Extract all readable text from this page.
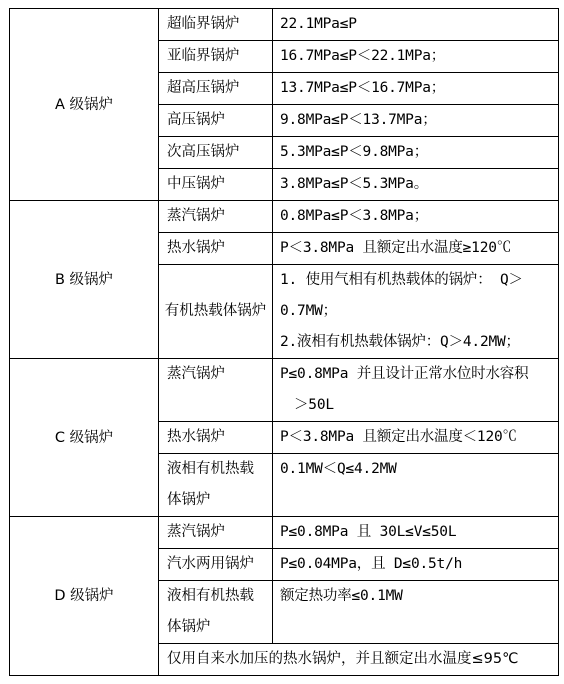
A 级锅炉	超临界锅炉	22.1MPa≤P
	亚临界锅炉	16.7MPa≤P＜22.1MPa；
	超高压锅炉	13.7MPa≤P＜16.7MPa；
	高压锅炉	9.8MPa≤P＜13.7MPa；
	次高压锅炉	5.3MPa≤P＜9.8MPa；
	中压锅炉	3.8MPa≤P＜5.3MPa。
B 级锅炉	蒸汽锅炉	0.8MPa≤P＜3.8MPa；
	热水锅炉	P＜3.8MPa 且额定出水温度≥120℃

	有机热载体锅炉	1. 使用气相有机热载体的锅炉： Q＞
0.7MW；
2.液相有机热载体锅炉：Q＞4.2MW；

C 级锅炉	蒸汽锅炉	P≤0.8MPa 并且设计正常水位时水容积
＞50L

	热水锅炉	P＜3.8MPa 且额定出水温度＜120℃

	液相有机热载体锅炉	0.1MW＜Q≤4.2MW
D 级锅炉	蒸汽锅炉	P≤0.8MPa 且 30L≤V≤50L
	汽水两用锅炉	P≤0.04MPa，且 D≤0.5t/h

	液相有机热载体锅炉	额定热功率≤0.1MW
	仅用自来水加压的热水锅炉，并且额定出水温度≤95℃	
